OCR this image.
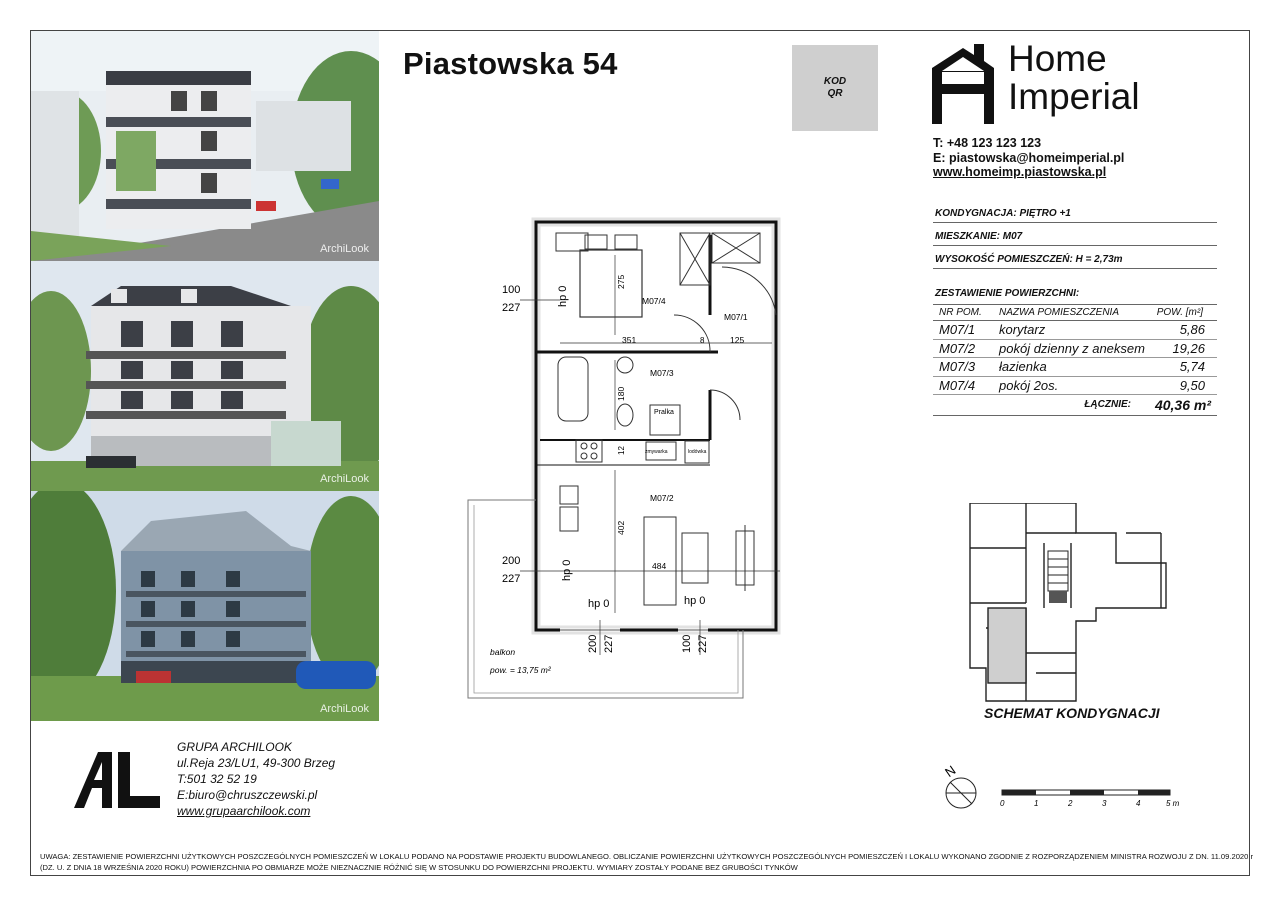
ArchiLook
ArchiLook
ArchiLook
Piastowska 54
KOD
QR
Home
Imperial
T: +48 123 123 123
E: piastowska@homeimperial.pl
www.homeimp.piastowska.pl
KONDYGNACJA: PIĘTRO +1
MIESZKANIE: M07
WYSOKOŚĆ POMIESZCZEŃ: H = 2,73m
ZESTAWIENIE POWIERZCHNI:
NR POM.	NAZWA POMIESZCZENIA	POW. [m²]
M07/1	korytarz	5,86
M07/2	pokój dzienny z aneksem	19,26
M07/3	łazienka	5,74
M07/4	pokój 2os.	9,50
ŁĄCZNIE:	40,36 m²
M07/4
M07/1
M07/3
M07/2
Pralka
zmywarka	lodówka
275
351	8	125
180
12
402
484
100
227
200
227
200 227	100 227
hp 0
hp 0
hp 0	hp 0
balkon
pow. = 13,75 m²
SCHEMAT KONDYGNACJI
N
0	1	2	3	4	5 m
GRUPA ARCHILOOK
ul.Reja 23/LU1, 49-300 Brzeg
T:501 32 52 19
E:biuro@chruszczewski.pl
www.grupaarchilook.com
UWAGA: ZESTAWIENIE POWIERZCHNI UŻYTKOWYCH POSZCZEGÓLNYCH POMIESZCZEŃ W LOKALU PODANO NA PODSTAWIE PROJEKTU BUDOWLANEGO. OBLICZANIE POWIERZCHNI UŻYTKOWYCH POSZCZEGÓLNYCH POMIESZCZEŃ I LOKALU WYKONANO ZGODNIE Z ROZPORZĄDZENIEM MINISTRA ROZWOJU Z DN. 11.09.2020 r
(DZ. U. Z DNIA 18 WRZEŚNIA 2020 ROKU) POWIERZCHNIA PO OBMIARZE MOŻE NIEZNACZNIE RÓŻNIĆ SIĘ W STOSUNKU DO POWIERZCHNI PROJEKTU. WYMIARY ZOSTAŁY PODANE BEZ GRUBOŚCI TYNKÓW
